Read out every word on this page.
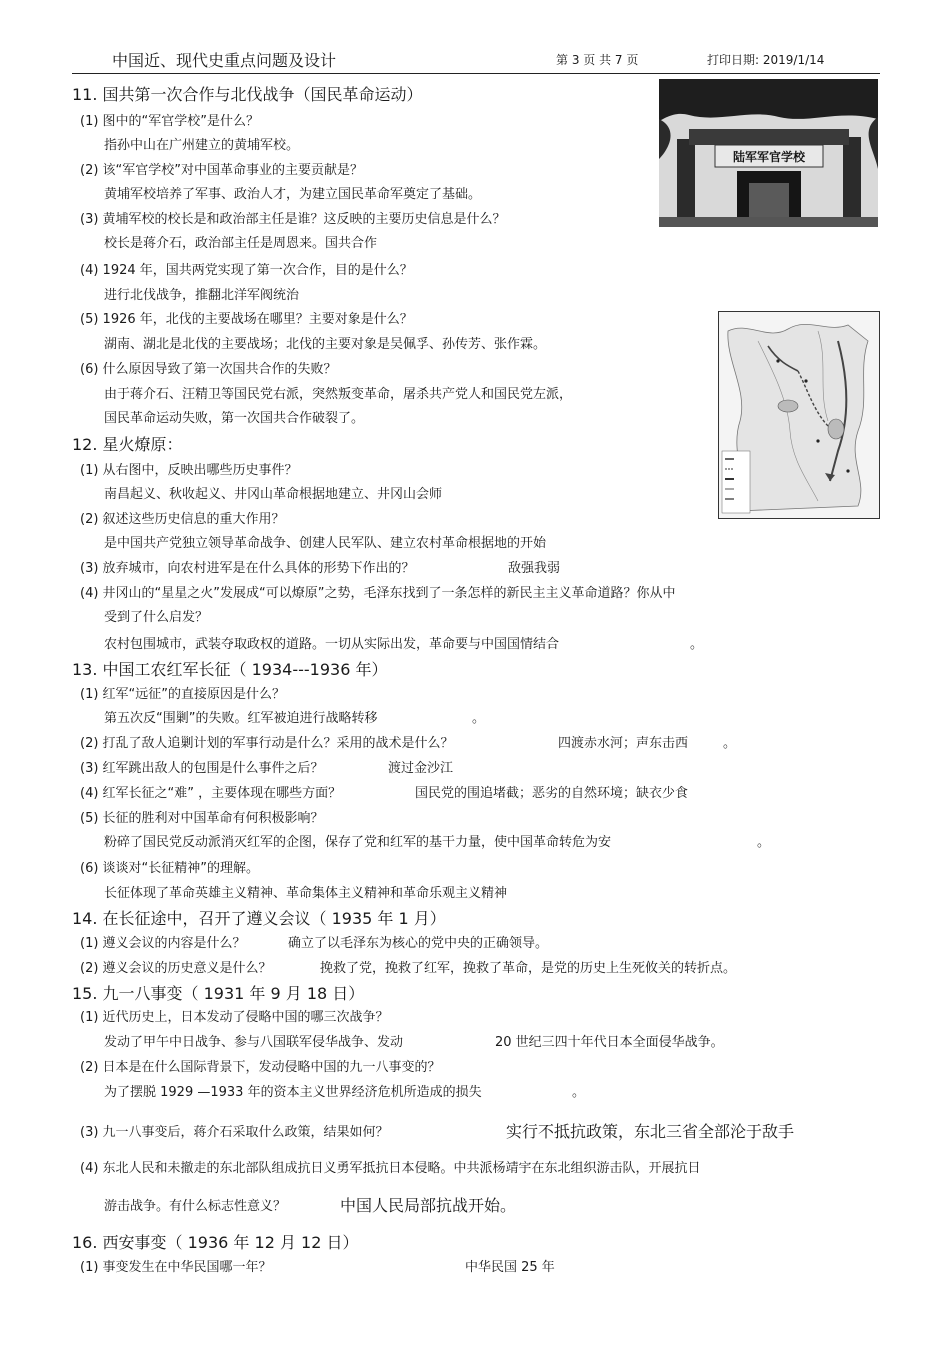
中国近、现代史重点问题及设计	第 3 页 共 7 页	打印日期: 2019/1/14
陆军军官学校
11. 国共第一次合作与北伐战争（国民革命运动）
(1) 图中的“军官学校”是什么？
指孙中山在广州建立的黄埔军校。
(2) 该“军官学校”对中国革命事业的主要贡献是？
黄埔军校培养了军事、政治人才，为建立国民革命军奠定了基础。
(3) 黄埔军校的校长是和政治部主任是谁？这反映的主要历史信息是什么？
校长是蒋介石，政治部主任是周恩来。国共合作
(4) 1924 年，国共两党实现了第一次合作，目的是什么？
进行北伐战争，推翻北洋军阀统治
(5) 1926 年，北伐的主要战场在哪里？主要对象是什么？
湖南、湖北是北伐的主要战场；北伐的主要对象是吴佩孚、孙传芳、张作霖。
(6) 什么原因导致了第一次国共合作的失败？
由于蒋介石、汪精卫等国民党右派，突然叛变革命，屠杀共产党人和国民党左派，
国民革命运动失败，第一次国共合作破裂了。
12. 星火燎原：
(1) 从右图中，反映出哪些历史事件？
南昌起义、秋收起义、井冈山革命根据地建立、井冈山会师
(2) 叙述这些历史信息的重大作用？
是中国共产党独立领导革命战争、创建人民军队、建立农村革命根据地的开始
(3) 放弃城市，向农村进军是在什么具体的形势下作出的？	敌强我弱
(4) 井冈山的“星星之火”发展成“可以燎原”之势，毛泽东找到了一条怎样的新民主主义革命道路？你从中
受到了什么启发？
农村包围城市，武装夺取政权的道路。一切从实际出发，革命要与中国国情结合	。
13. 中国工农红军长征（ 1934---1936 年）
(1) 红军“远征”的直接原因是什么？
第五次反“围剿”的失败。红军被迫进行战略转移	。
(2) 打乱了敌人追剿计划的军事行动是什么？采用的战术是什么？	四渡赤水河；声东击西	。
(3) 红军跳出敌人的包围是什么事件之后？	渡过金沙江
(4) 红军长征之“难” ，主要体现在哪些方面？	国民党的围追堵截；恶劣的自然环境；缺衣少食
(5) 长征的胜利对中国革命有何积极影响？
粉碎了国民党反动派消灭红军的企图，保存了党和红军的基干力量，使中国革命转危为安	。
(6) 谈谈对“长征精神”的理解。
长征体现了革命英雄主义精神、革命集体主义精神和革命乐观主义精神
14. 在长征途中，召开了遵义会议（ 1935 年 1 月）
(1) 遵义会议的内容是什么？	确立了以毛泽东为核心的党中央的正确领导。
(2) 遵义会议的历史意义是什么？	挽救了党，挽救了红军，挽救了革命，是党的历史上生死攸关的转折点。
15. 九一八事变（ 1931 年 9 月 18 日）
(1) 近代历史上，日本发动了侵略中国的哪三次战争？
发动了甲午中日战争、参与八国联军侵华战争、发动	20 世纪三四十年代日本全面侵华战争。
(2) 日本是在什么国际背景下，发动侵略中国的九一八事变的？
为了摆脱 1929 —1933 年的资本主义世界经济危机所造成的损失	。
(3) 九一八事变后，蒋介石采取什么政策，结果如何？	实行不抵抗政策，东北三省全部沦于敌手
(4) 东北人民和未撤走的东北部队组成抗日义勇军抵抗日本侵略。中共派杨靖宇在东北组织游击队，开展抗日
游击战争。有什么标志性意义？	中国人民局部抗战开始。
16. 西安事变（ 1936 年 12 月 12 日）
(1) 事变发生在中华民国哪一年？	中华民国 25 年
